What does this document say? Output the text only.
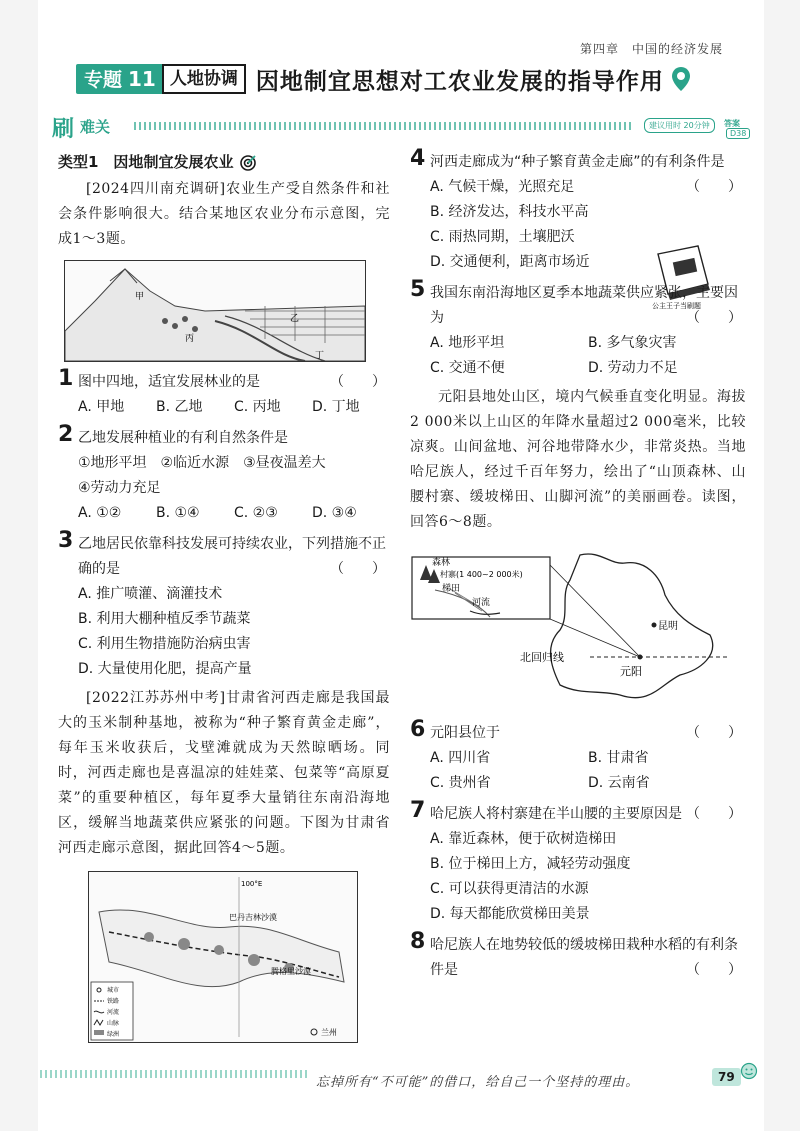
第四章　中国的经济发展
专题 11 人地协调 因地制宜思想对工农业发展的指导作用
刷 难关	建议用时 20分钟	答案D38
类型1　因地制宜发展农业
[2024四川南充调研]农业生产受自然条件和社会条件影响很大。结合某地区农业分布示意图，完成1～3题。
甲
乙
丙
丁
1 图中四地，适宜发展林业的是	（　　）
A. 甲地	B. 乙地	C. 丙地	D. 丁地
2 乙地发展种植业的有利自然条件是
①地形平坦　②临近水源　③昼夜温差大
④劳动力充足
A. ①②	B. ①④	C. ②③	D. ③④
3 乙地居民依靠科技发展可持续农业，下列措施不正确的是	（　　）
A. 推广喷灌、滴灌技术
B. 利用大棚种植反季节蔬菜
C. 利用生物措施防治病虫害
D. 大量使用化肥，提高产量
[2022江苏苏州中考]甘肃省河西走廊是我国最大的玉米制种基地，被称为“种子繁育黄金走廊”，每年玉米收获后，戈壁滩就成为天然晾晒场。同时，河西走廊也是喜温凉的娃娃菜、包菜等“高原夏菜”的重要种植区，每年夏季大量销往东南沿海地区，缓解当地蔬菜供应紧张的问题。下图为甘肃省河西走廊示意图，据此回答4～5题。
100°E
巴丹吉林沙漠
腾格里沙漠
兰州
城市
铁路
河流
山脉
绿洲
4 河西走廊成为“种子繁育黄金走廊”的有利条件是
（　　）
A. 气候干燥，光照充足
B. 经济发达，科技水平高
C. 雨热同期，土壤肥沃
D. 交通便利，距离市场近
公主王子当刷题
5 我国东南沿海地区夏季本地蔬菜供应紧张，主要因为	（　　）
A. 地形平坦	B. 多气象灾害
C. 交通不便	D. 劳动力不足
元阳县地处山区，境内气候垂直变化明显。海拔2 000米以上山区的年降水量超过2 000毫米，比较凉爽。山间盆地、河谷地带降水少，非常炎热。当地哈尼族人，经过千百年努力，绘出了“山顶森林、山腰村寨、缓坡梯田、山脚河流”的美丽画卷。读图，回答6～8题。
森林
村寨(1 400~2 000米)
梯田
河流
昆明
北回归线
元阳
6 元阳县位于	（　　）
A. 四川省	B. 甘肃省
C. 贵州省	D. 云南省
7 哈尼族人将村寨建在半山腰的主要原因是 （　　）
A. 靠近森林，便于砍树造梯田
B. 位于梯田上方，减轻劳动强度
C. 可以获得更清洁的水源
D. 每天都能欣赏梯田美景
8 哈尼族人在地势较低的缓坡梯田栽种水稻的有利条件是	（　　）
忘掉所有“不可能”的借口，给自己一个坚持的理由。	79
